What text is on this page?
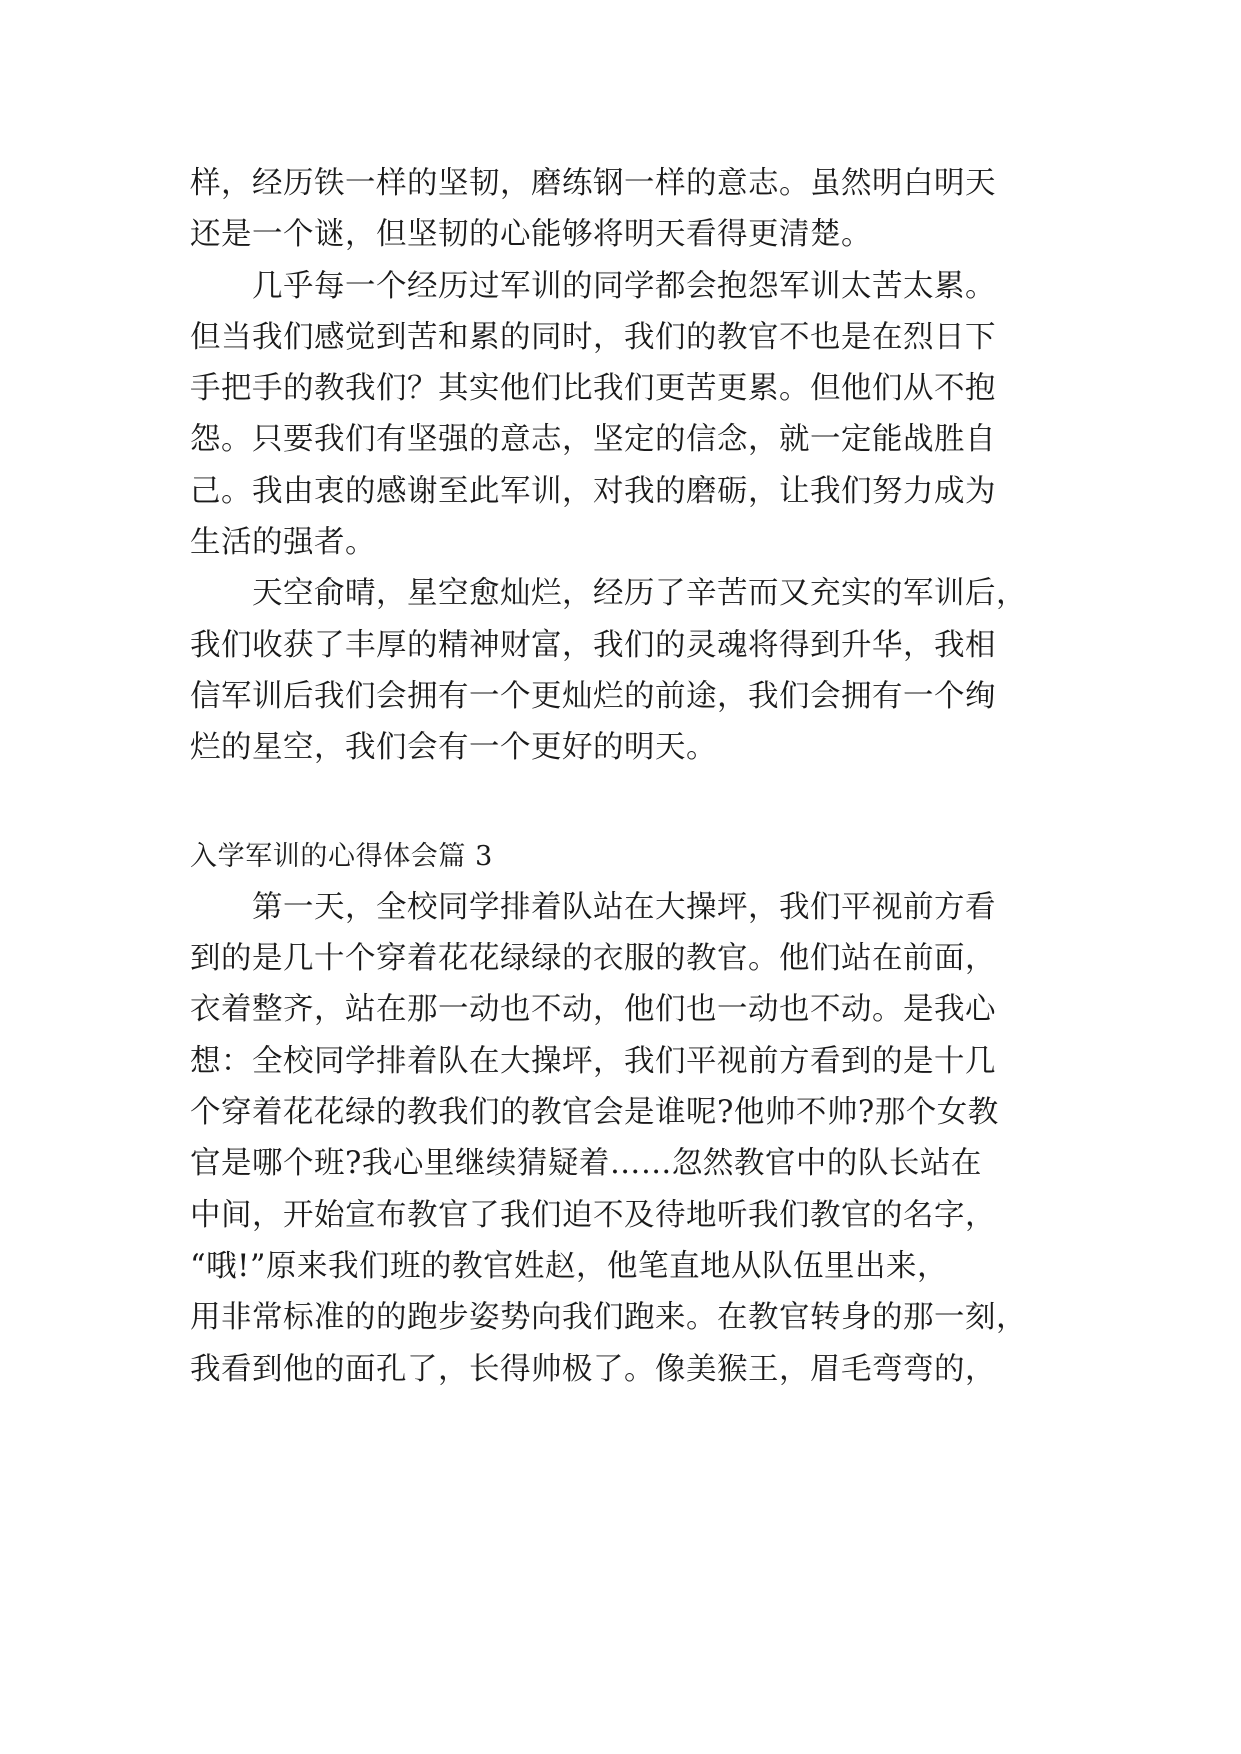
样，经历铁一样的坚韧，磨练钢一样的意志。虽然明白明天
还是一个谜，但坚韧的心能够将明天看得更清楚。
　　几乎每一个经历过军训的同学都会抱怨军训太苦太累。
但当我们感觉到苦和累的同时，我们的教官不也是在烈日下
手把手的教我们？其实他们比我们更苦更累。但他们从不抱
怨。只要我们有坚强的意志，坚定的信念，就一定能战胜自
己。我由衷的感谢至此军训，对我的磨砺，让我们努力成为
生活的强者。
　　天空俞晴，星空愈灿烂，经历了辛苦而又充实的军训后，
我们收获了丰厚的精神财富，我们的灵魂将得到升华，我相
信军训后我们会拥有一个更灿烂的前途，我们会拥有一个绚
烂的星空，我们会有一个更好的明天。
入学军训的心得体会篇 3
　　第一天，全校同学排着队站在大操坪，我们平视前方看
到的是几十个穿着花花绿绿的衣服的教官。他们站在前面，
衣着整齐，站在那一动也不动，他们也一动也不动。是我心
想：全校同学排着队在大操坪，我们平视前方看到的是十几
个穿着花花绿的教我们的教官会是谁呢?他帅不帅?那个女教
官是哪个班?我心里继续猜疑着……忽然教官中的队长站在
中间，开始宣布教官了我们迫不及待地听我们教官的名字，
“哦!”原来我们班的教官姓赵，他笔直地从队伍里出来，
用非常标准的的跑步姿势向我们跑来。在教官转身的那一刻，
我看到他的面孔了，长得帅极了。像美猴王，眉毛弯弯的，
